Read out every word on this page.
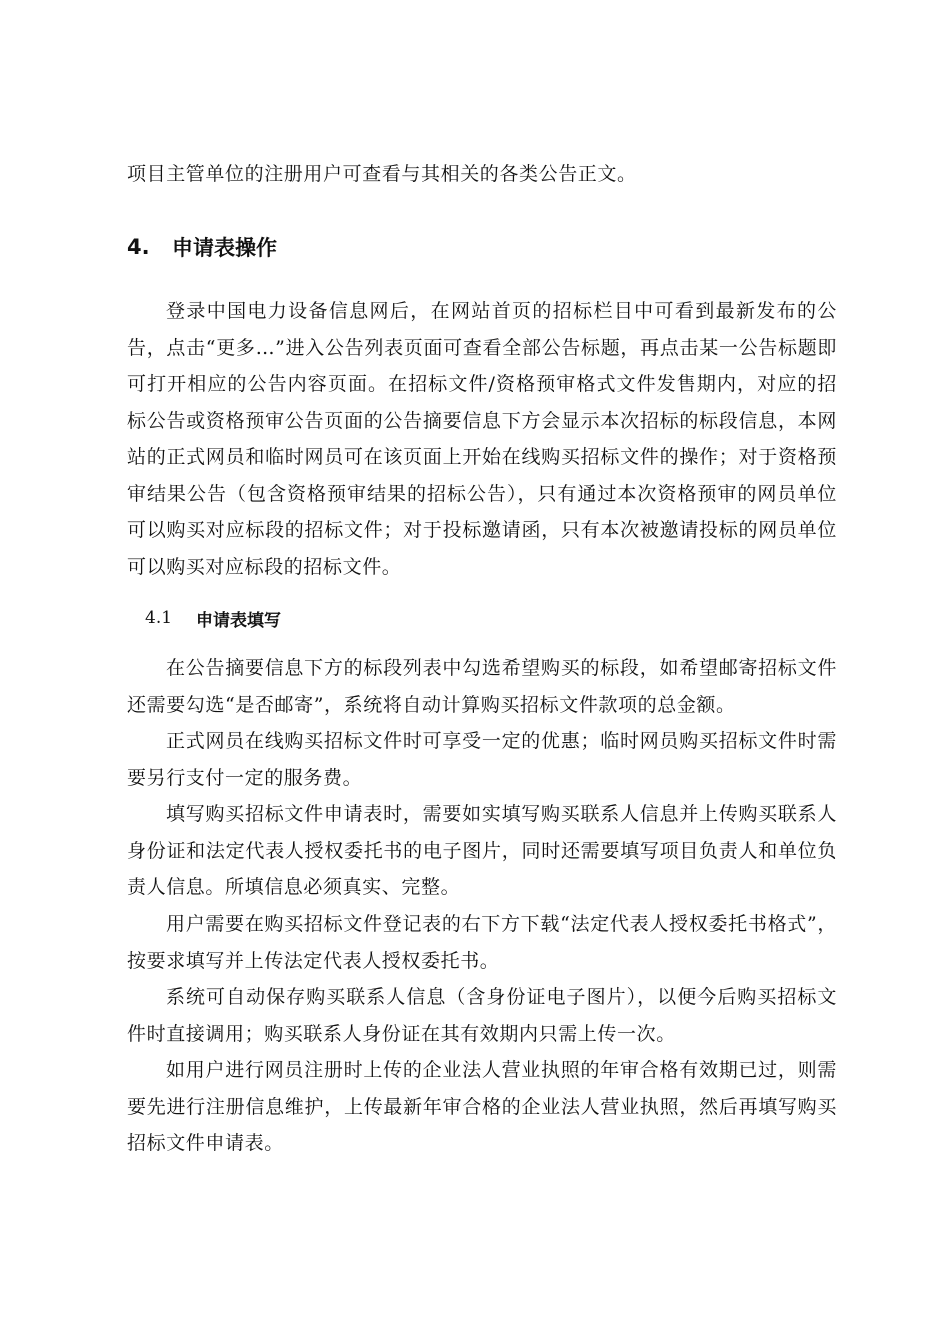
项目主管单位的注册用户可查看与其相关的各类公告正文。

4.	申请表操作

登录中国电力设备信息网后，在网站首页的招标栏目中可看到最新发布的公告，点击“更多…”进入公告列表页面可查看全部公告标题，再点击某一公告标题即可打开相应的公告内容页面。在招标文件/资格预审格式文件发售期内，对应的招标公告或资格预审公告页面的公告摘要信息下方会显示本次招标的标段信息，本网站的正式网员和临时网员可在该页面上开始在线购买招标文件的操作；对于资格预审结果公告（包含资格预审结果的招标公告），只有通过本次资格预审的网员单位可以购买对应标段的招标文件；对于投标邀请函，只有本次被邀请投标的网员单位可以购买对应标段的招标文件。

4.1	申请表填写

在公告摘要信息下方的标段列表中勾选希望购买的标段，如希望邮寄招标文件还需要勾选“是否邮寄”，系统将自动计算购买招标文件款项的总金额。

正式网员在线购买招标文件时可享受一定的优惠；临时网员购买招标文件时需要另行支付一定的服务费。

填写购买招标文件申请表时，需要如实填写购买联系人信息并上传购买联系人身份证和法定代表人授权委托书的电子图片，同时还需要填写项目负责人和单位负责人信息。所填信息必须真实、完整。

用户需要在购买招标文件登记表的右下方下载“法定代表人授权委托书格式”，按要求填写并上传法定代表人授权委托书。

系统可自动保存购买联系人信息（含身份证电子图片），以便今后购买招标文件时直接调用；购买联系人身份证在其有效期内只需上传一次。

如用户进行网员注册时上传的企业法人营业执照的年审合格有效期已过，则需要先进行注册信息维护，上传最新年审合格的企业法人营业执照，然后再填写购买招标文件申请表。
